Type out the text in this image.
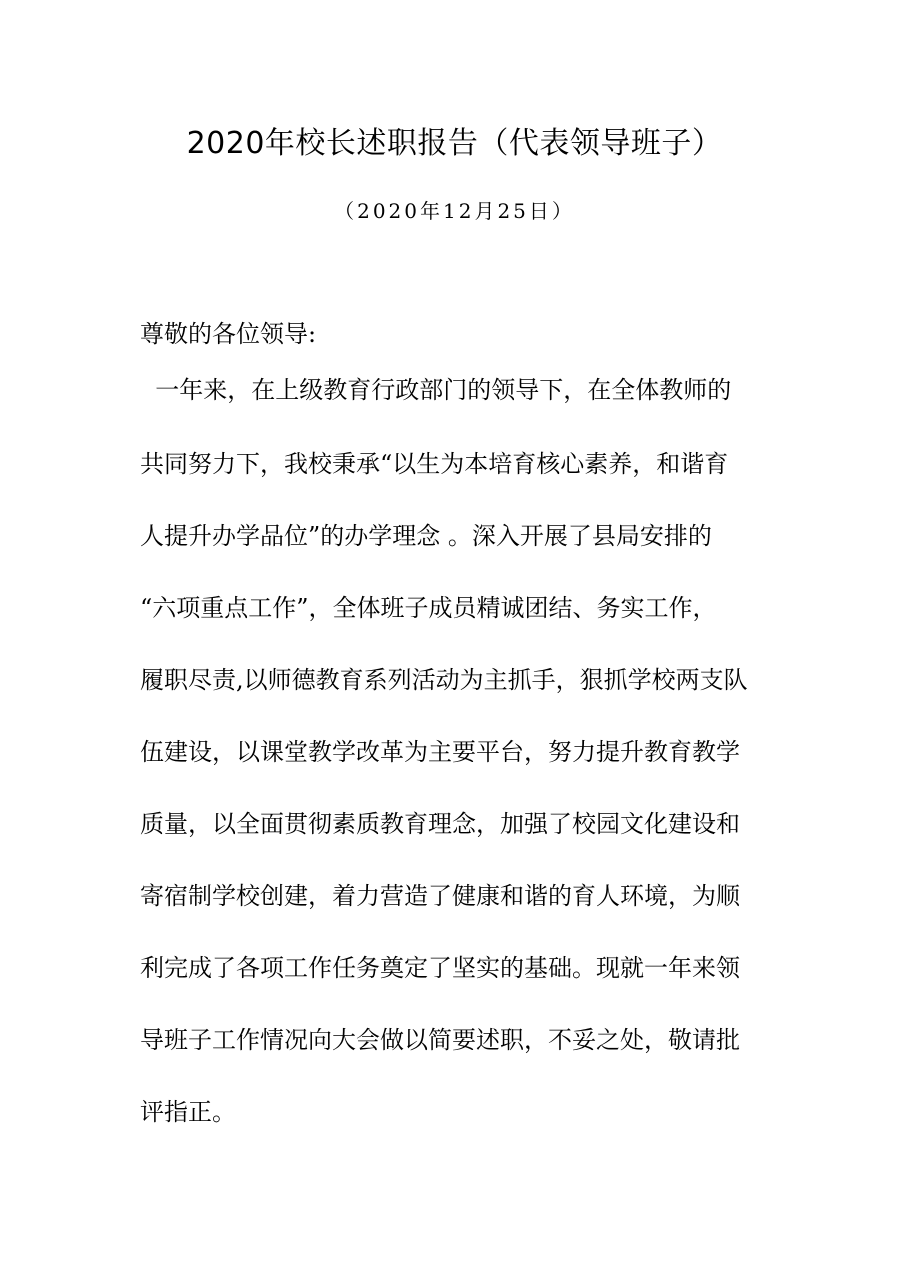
2020年校长述职报告（代表领导班子）

（2020年12月25日）

尊敬的各位领导:

一年来，在上级教育行政部门的领导下，在全体教师的
共同努力下，我校秉承“以生为本培育核心素养，和谐育
人提升办学品位”的办学理念 。深入开展了县局安排的
“六项重点工作”，全体班子成员精诚团结、务实工作，
履职尽责,以师德教育系列活动为主抓手，狠抓学校两支队
伍建设，以课堂教学改革为主要平台，努力提升教育教学
质量，以全面贯彻素质教育理念，加强了校园文化建设和
寄宿制学校创建，着力营造了健康和谐的育人环境，为顺
利完成了各项工作任务奠定了坚实的基础。现就一年来领
导班子工作情况向大会做以简要述职，不妥之处，敬请批
评指正。
